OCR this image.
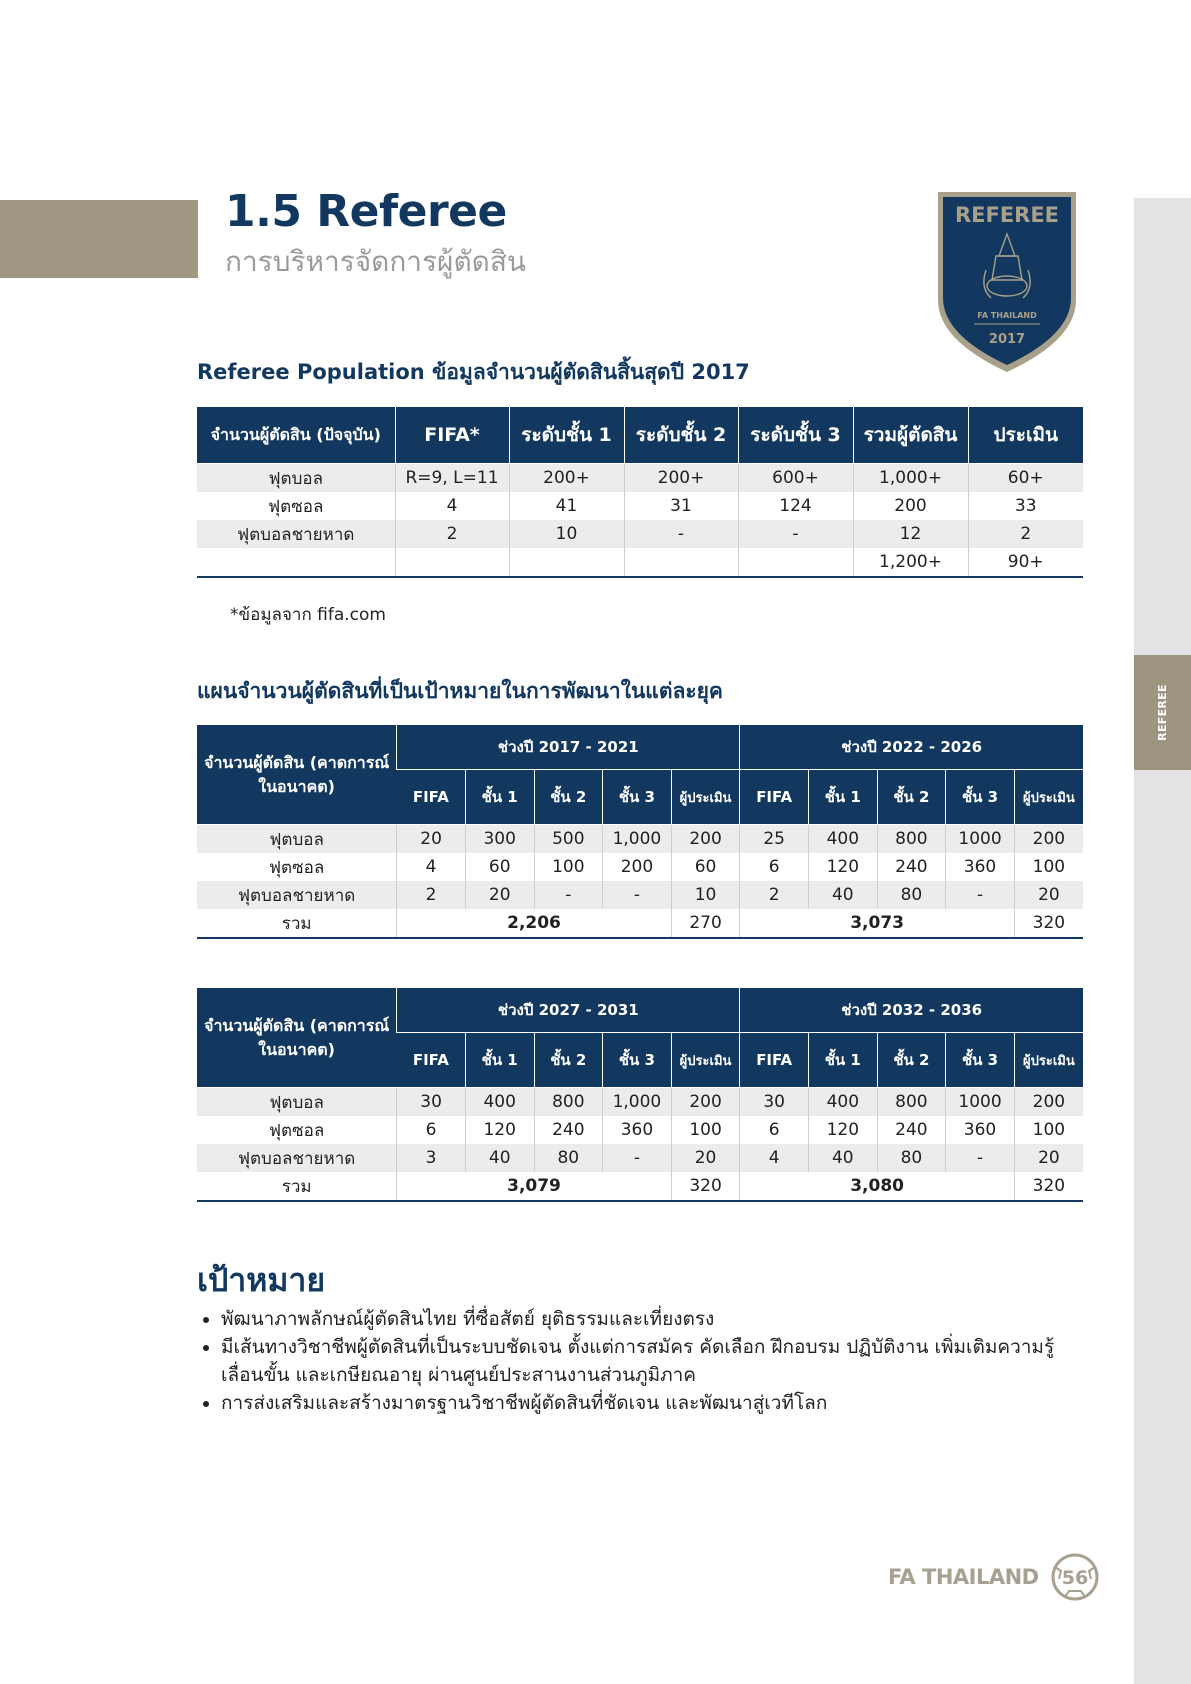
REFEREE
1.5 Referee
การบริหารจัดการผู้ตัดสิน
REFEREE
FA THAILAND
2017
Referee Population ข้อมูลจำนวนผู้ตัดสินสิ้นสุดปี 2017
จำนวนผู้ตัดสิน (ปัจจุบัน)	FIFA*	ระดับชั้น 1	ระดับชั้น 2	ระดับชั้น 3	รวมผู้ตัดสิน	ประเมิน
ฟุตบอล	R=9, L=11	200+	200+	600+	1,000+	60+
ฟุตซอล	4	41	31	124	200	33
ฟุตบอลชายหาด	2	10	-	-	12	2
					1,200+	90+
*ข้อมูลจาก fifa.com
แผนจำนวนผู้ตัดสินที่เป็นเป้าหมายในการพัฒนาในแต่ละยุค
จำนวนผู้ตัดสิน (คาดการณ์ในอนาคต)	ช่วงปี 2017 - 2021					ช่วงปี 2022 - 2026				
	FIFA	ชั้น 1	ชั้น 2	ชั้น 3	ผู้ประเมิน	FIFA	ชั้น 1	ชั้น 2	ชั้น 3	ผู้ประเมิน
ฟุตบอล	20	300	500	1,000	200	25	400	800	1000	200
ฟุตซอล	4	60	100	200	60	6	120	240	360	100
ฟุตบอลชายหาด	2	20	-	-	10	2	40	80	-	20
รวม	2,206				270	3,073				320
จำนวนผู้ตัดสิน (คาดการณ์ในอนาคต)	ช่วงปี 2027 - 2031					ช่วงปี 2032 - 2036				
	FIFA	ชั้น 1	ชั้น 2	ชั้น 3	ผู้ประเมิน	FIFA	ชั้น 1	ชั้น 2	ชั้น 3	ผู้ประเมิน
ฟุตบอล	30	400	800	1,000	200	30	400	800	1000	200
ฟุตซอล	6	120	240	360	100	6	120	240	360	100
ฟุตบอลชายหาด	3	40	80	-	20	4	40	80	-	20
รวม	3,079				320	3,080				320
เป้าหมาย
• พัฒนาภาพลักษณ์ผู้ตัดสินไทย ที่ซื่อสัตย์ ยุติธรรมและเที่ยงตรง
• มีเส้นทางวิชาชีพผู้ตัดสินที่เป็นระบบชัดเจน ตั้งแต่การสมัคร คัดเลือก ฝึกอบรม ปฏิบัติงาน เพิ่มเติมความรู้ เลื่อนขั้น และเกษียณอายุ ผ่านศูนย์ประสานงานส่วนภูมิภาค
• การส่งเสริมและสร้างมาตรฐานวิชาชีพผู้ตัดสินที่ชัดเจน และพัฒนาสู่เวทีโลก
FA THAILAND 56
